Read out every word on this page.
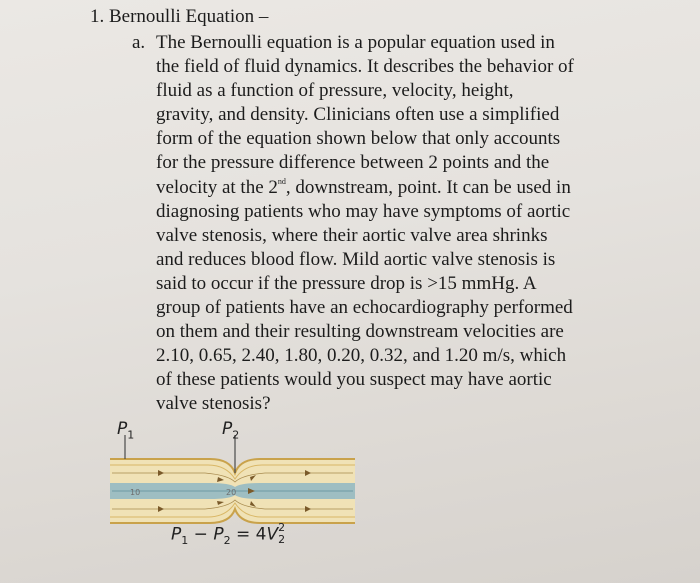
1. Bernoulli Equation –
a. The Bernoulli equation is a popular equation used in
the field of fluid dynamics. It describes the behavior of
fluid as a function of pressure, velocity, height,
gravity, and density. Clinicians often use a simplified
form of the equation shown below that only accounts
for the pressure difference between 2 points and the
velocity at the 2nd, downstream, point. It can be used in
diagnosing patients who may have symptoms of aortic
valve stenosis, where their aortic valve area shrinks
and reduces blood flow. Mild aortic valve stenosis is
said to occur if the pressure drop is >15 mmHg. A
group of patients have an echocardiography performed
on them and their resulting downstream velocities are
2.10, 0.65, 2.40, 1.80, 0.20, 0.32, and 1.20 m/s, which
of these patients would you suspect may have aortic
valve stenosis?
10	20
$P_1$	$P_2$
$P_1 - P_2 = 4V^2$
2
